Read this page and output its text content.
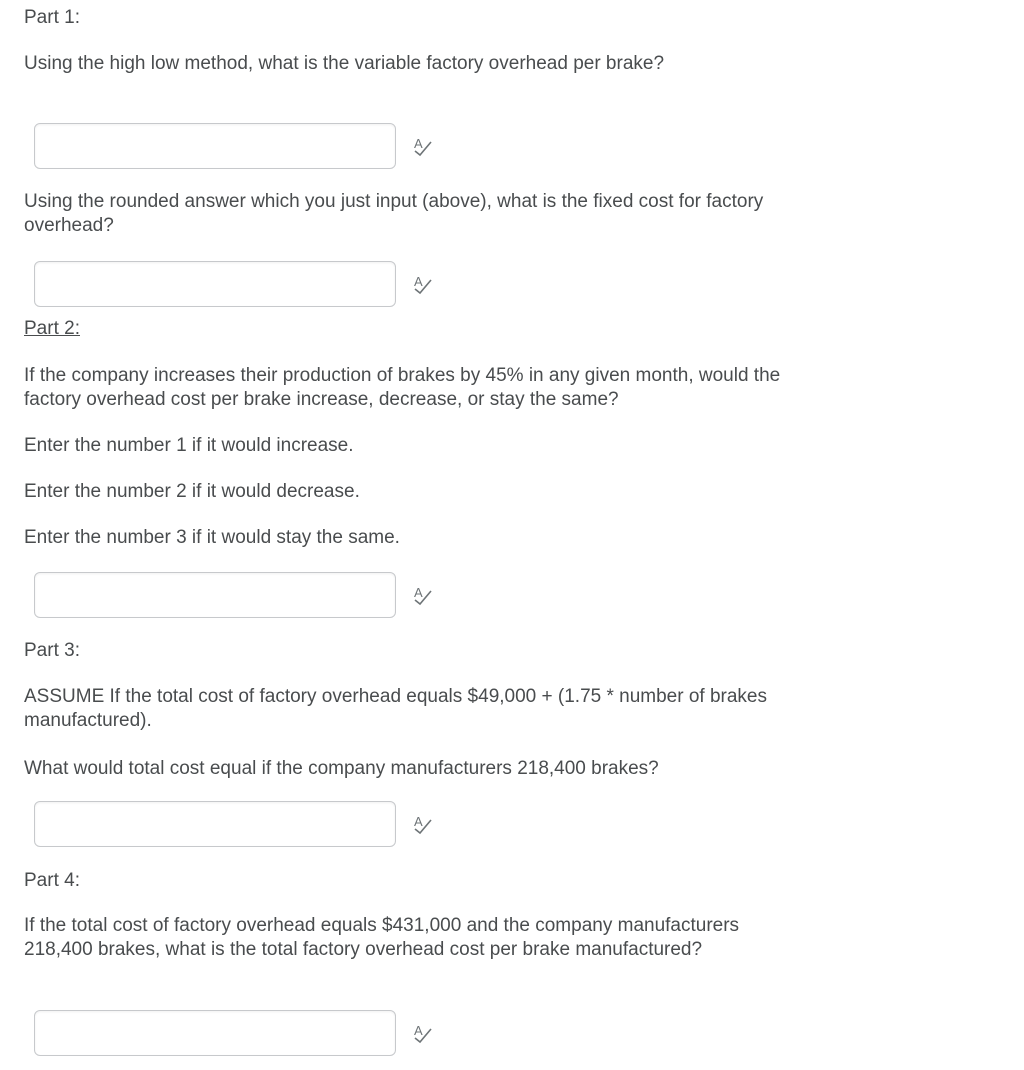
Part 1:

Using the high low method, what is the variable factory overhead per brake?

A

Using the rounded answer which you just input (above), what is the fixed cost for factory overhead?

A

Part 2:

If the company increases their production of brakes by 45% in any given month, would the factory overhead cost per brake increase, decrease, or stay the same?

Enter the number 1 if it would increase.

Enter the number 2 if it would decrease.

Enter the number 3 if it would stay the same.

A

Part 3:

ASSUME If the total cost of factory overhead equals $49,000 + (1.75 * number of brakes manufactured).

What would total cost equal if the company manufacturers 218,400 brakes?

A

Part 4:

If the total cost of factory overhead equals $431,000 and the company manufacturers 218,400 brakes, what is the total factory overhead cost per brake manufactured?

A
